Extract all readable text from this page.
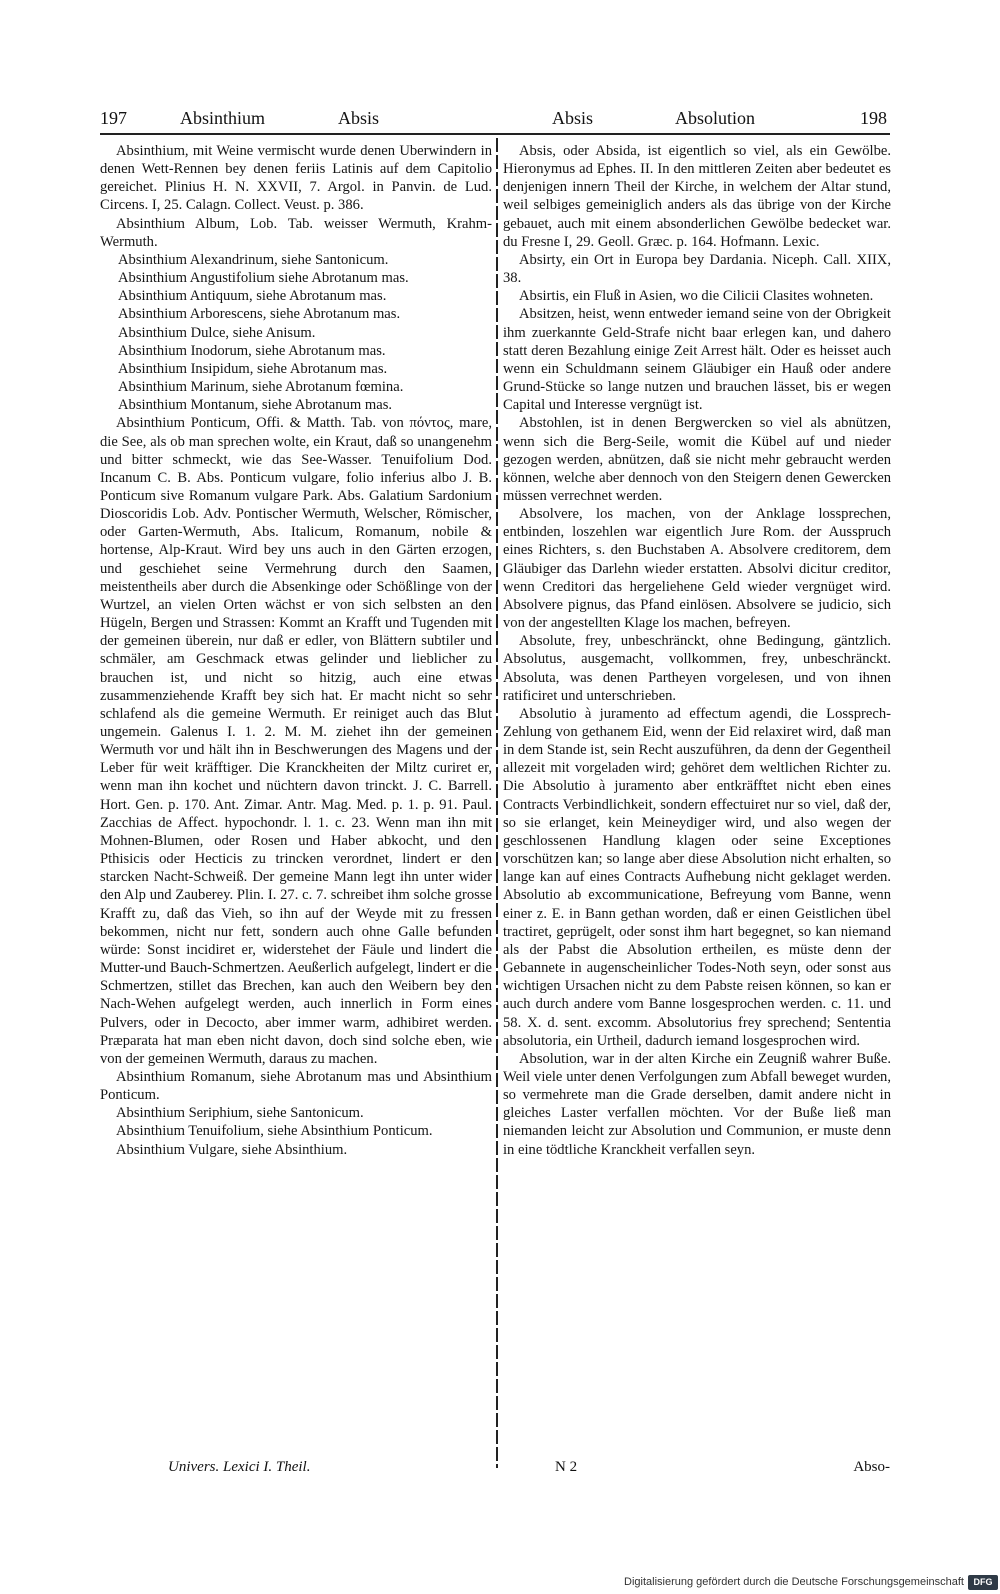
197	Absinthium	Absis	Absis	Absolution	198

Absinthium, mit Weine vermischt wurde denen Uberwindern in denen Wett-Rennen bey denen feriis Latinis auf dem Capitolio gereichet. Plinius H. N. XXVII, 7. Argol. in Panvin. de Lud. Circens. I, 25. Calagn. Collect. Veust. p. 386.

Absinthium Album, Lob. Tab. weisser Wermuth, Krahm-Wermuth.

Absinthium Alexandrinum, siehe Santonicum.

Absinthium Angustifolium siehe Abrotanum mas.

Absinthium Antiquum, siehe Abrotanum mas.

Absinthium Arborescens, siehe Abrotanum mas.

Absinthium Dulce, siehe Anisum.

Absinthium Inodorum, siehe Abrotanum mas.

Absinthium Insipidum, siehe Abrotanum mas.

Absinthium Marinum, siehe Abrotanum fœmina.

Absinthium Montanum, siehe Abrotanum mas.

Absinthium Ponticum, Offi. & Matth. Tab. von πόντος, mare, die See, als ob man sprechen wolte, ein Kraut, daß so unangenehm und bitter schmeckt, wie das See-Wasser. Tenuifolium Dod. Incanum C. B. Abs. Ponticum vulgare, folio inferius albo J. B. Ponticum sive Romanum vulgare Park. Abs. Galatium Sardonium Dioscoridis Lob. Adv. Pontischer Wermuth, Welscher, Römischer, oder Garten-Wermuth, Abs. Italicum, Romanum, nobile & hortense, Alp-Kraut. Wird bey uns auch in den Gärten erzogen, und geschiehet seine Vermehrung durch den Saamen, meistentheils aber durch die Absenkinge oder Schößlinge von der Wurtzel, an vielen Orten wächst er von sich selbsten an den Hügeln, Bergen und Strassen: Kommt an Krafft und Tugenden mit der gemeinen überein, nur daß er edler, von Blättern subtiler und schmäler, am Geschmack etwas gelinder und lieblicher zu brauchen ist, und nicht so hitzig, auch eine etwas zusammenziehende Krafft bey sich hat. Er macht nicht so sehr schlafend als die gemeine Wermuth. Er reiniget auch das Blut ungemein. Galenus I. 1. 2. M. M. ziehet ihn der gemeinen Wermuth vor und hält ihn in Beschwerungen des Magens und der Leber für weit kräfftiger. Die Kranckheiten der Miltz curiret er, wenn man ihn kochet und nüchtern davon trinckt. J. C. Barrell. Hort. Gen. p. 170. Ant. Zimar. Antr. Mag. Med. p. 1. p. 91. Paul. Zacchias de Affect. hypochondr. l. 1. c. 23. Wenn man ihn mit Mohnen-Blumen, oder Rosen und Haber abkocht, und den Pthisicis oder Hecticis zu trincken verordnet, lindert er den starcken Nacht-Schweiß. Der gemeine Mann legt ihn unter wider den Alp und Zauberey. Plin. I. 27. c. 7. schreibet ihm solche grosse Krafft zu, daß das Vieh, so ihn auf der Weyde mit zu fressen bekommen, nicht nur fett, sondern auch ohne Galle befunden würde: Sonst incidiret er, widerstehet der Fäule und lindert die Mutter-und Bauch-Schmertzen. Aeußerlich aufgelegt, lindert er die Schmertzen, stillet das Brechen, kan auch den Weibern bey den Nach-Wehen aufgelegt werden, auch innerlich in Form eines Pulvers, oder in Decocto, aber immer warm, adhibiret werden. Præparata hat man eben nicht davon, doch sind solche eben, wie von der gemeinen Wermuth, daraus zu machen.

Absinthium Romanum, siehe Abrotanum mas und Absinthium Ponticum.

Absinthium Seriphium, siehe Santonicum.

Absinthium Tenuifolium, siehe Absinthium Ponticum.

Absinthium Vulgare, siehe Absinthium.

Absis, oder Absida, ist eigentlich so viel, als ein Gewölbe. Hieronymus ad Ephes. II. In den mittleren Zeiten aber bedeutet es denjenigen innern Theil der Kirche, in welchem der Altar stund, weil selbiges gemeiniglich anders als das übrige von der Kirche gebauet, auch mit einem absonderlichen Gewölbe bedecket war. du Fresne I, 29. Geoll. Græc. p. 164. Hofmann. Lexic.

Absirty, ein Ort in Europa bey Dardania. Niceph. Call. XIIX, 38.

Absirtis, ein Fluß in Asien, wo die Cilicii Clasites wohneten.

Absitzen, heist, wenn entweder iemand seine von der Obrigkeit ihm zuerkannte Geld-Strafe nicht baar erlegen kan, und dahero statt deren Bezahlung einige Zeit Arrest hält. Oder es heisset auch wenn ein Schuldmann seinem Gläubiger ein Hauß oder andere Grund-Stücke so lange nutzen und brauchen lässet, bis er wegen Capital und Interesse vergnügt ist.

Abstohlen, ist in denen Bergwercken so viel als abnützen, wenn sich die Berg-Seile, womit die Kübel auf und nieder gezogen werden, abnützen, daß sie nicht mehr gebraucht werden können, welche aber dennoch von den Steigern denen Gewercken müssen verrechnet werden.

Absolvere, los machen, von der Anklage lossprechen, entbinden, loszehlen war eigentlich Jure Rom. der Ausspruch eines Richters, s. den Buchstaben A. Absolvere creditorem, dem Gläubiger das Darlehn wieder erstatten. Absolvi dicitur creditor, wenn Creditori das hergeliehene Geld wieder vergnüget wird. Absolvere pignus, das Pfand einlösen. Absolvere se judicio, sich von der angestellten Klage los machen, befreyen.

Absolute, frey, unbeschränckt, ohne Bedingung, gäntzlich. Absolutus, ausgemacht, vollkommen, frey, unbeschränckt. Absoluta, was denen Partheyen vorgelesen, und von ihnen ratificiret und unterschrieben.

Absolutio à juramento ad effectum agendi, die Lossprech-Zehlung von gethanem Eid, wenn der Eid relaxiret wird, daß man in dem Stande ist, sein Recht auszuführen, da denn der Gegentheil allezeit mit vorgeladen wird; gehöret dem weltlichen Richter zu. Die Absolutio à juramento aber entkräfftet nicht eben eines Contracts Verbindlichkeit, sondern effectuiret nur so viel, daß der, so sie erlanget, kein Meineydiger wird, und also wegen der geschlossenen Handlung klagen oder seine Exceptiones vorschützen kan; so lange aber diese Absolution nicht erhalten, so lange kan auf eines Contracts Aufhebung nicht geklaget werden. Absolutio ab excommunicatione, Befreyung vom Banne, wenn einer z. E. in Bann gethan worden, daß er einen Geistlichen übel tractiret, geprügelt, oder sonst ihm hart begegnet, so kan niemand als der Pabst die Absolution ertheilen, es müste denn der Gebannete in augenscheinlicher Todes-Noth seyn, oder sonst aus wichtigen Ursachen nicht zu dem Pabste reisen können, so kan er auch durch andere vom Banne losgesprochen werden. c. 11. und 58. X. d. sent. excomm. Absolutorius frey sprechend; Sententia absolutoria, ein Urtheil, dadurch iemand losgesprochen wird.

Absolution, war in der alten Kirche ein Zeugniß wahrer Buße. Weil viele unter denen Verfolgungen zum Abfall beweget wurden, so vermehrete man die Grade derselben, damit andere nicht in gleiches Laster verfallen möchten. Vor der Buße ließ man niemanden leicht zur Absolution und Communion, er muste denn in eine tödtliche Kranckheit verfallen seyn.

Univers. Lexici I. Theil.	N 2	Abso-
Digitalisierung gefördert durch die Deutsche Forschungsgemeinschaft	DFG
